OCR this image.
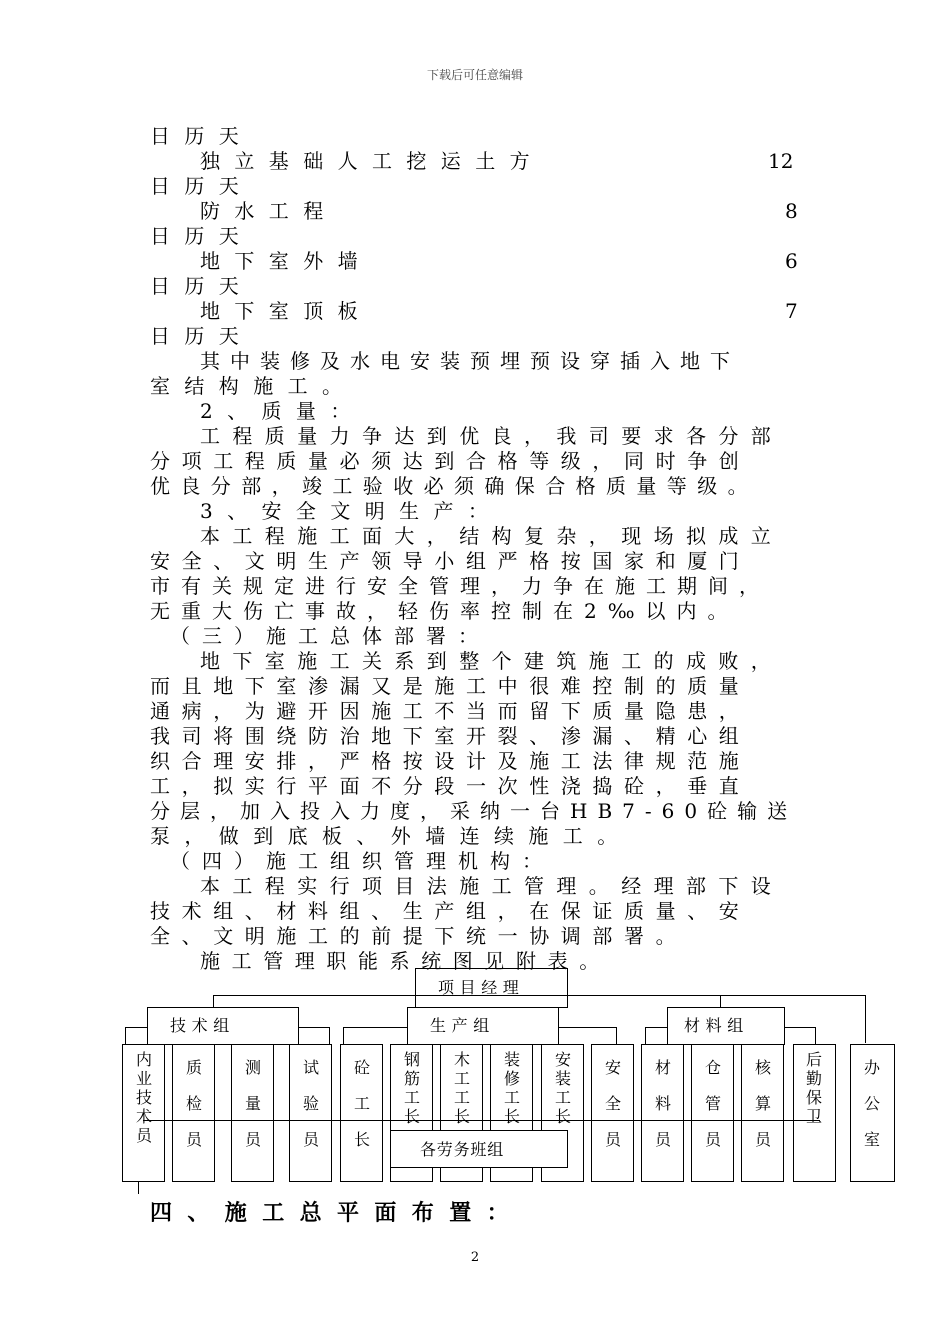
下载后可任意编辑
日历天
独立基础人工挖运土方	12
日历天
防水工程	8
日历天
地下室外墙	6
日历天
地下室顶板	7
日历天
其中装修及水电安装预埋预设穿插入地下
室结构施工。
2、质量：
工程质量力争达到优良，我司要求各分部
分项工程质量必须达到合格等级，同时争创
优良分部，竣工验收必须确保合格质量等级。
3、安全文明生产：
本工程施工面大，结构复杂，现场拟成立
安全、文明生产领导小组严格按国家和厦门
市有关规定进行安全管理，力争在施工期间，
无重大伤亡事故，轻伤率控制在2‰以内。
（三）施工总体部署：
地下室施工关系到整个建筑施工的成败，
而且地下室渗漏又是施工中很难控制的质量
通病，为避开因施工不当而留下质量隐患，
我司将围绕防治地下室开裂、渗漏、精心组
织合理安排，严格按设计及施工法律规范施
工，拟实行平面不分段一次性浇捣砼，垂直
分层，加入投入力度，采纳一台HB7-60砼输送
泵，做到底板、外墙连续施工。
（四）施工组织管理机构：
本工程实行项目法施工管理。经理部下设
技术组、材料组、生产组，在保证质量、安
全、文明施工的前提下统一协调部署。
施工管理职能系统图见附表。
项目经理
技术组	生产组	材料组
内业技术员
质检员
测量员
试验员
砼工长
钢筋工长
木工工长
装修工长
安装工长
安全员
材料员
仓管员
核算员
后勤保卫
办公室
各劳务班组
四、施工总平面布置：
2
